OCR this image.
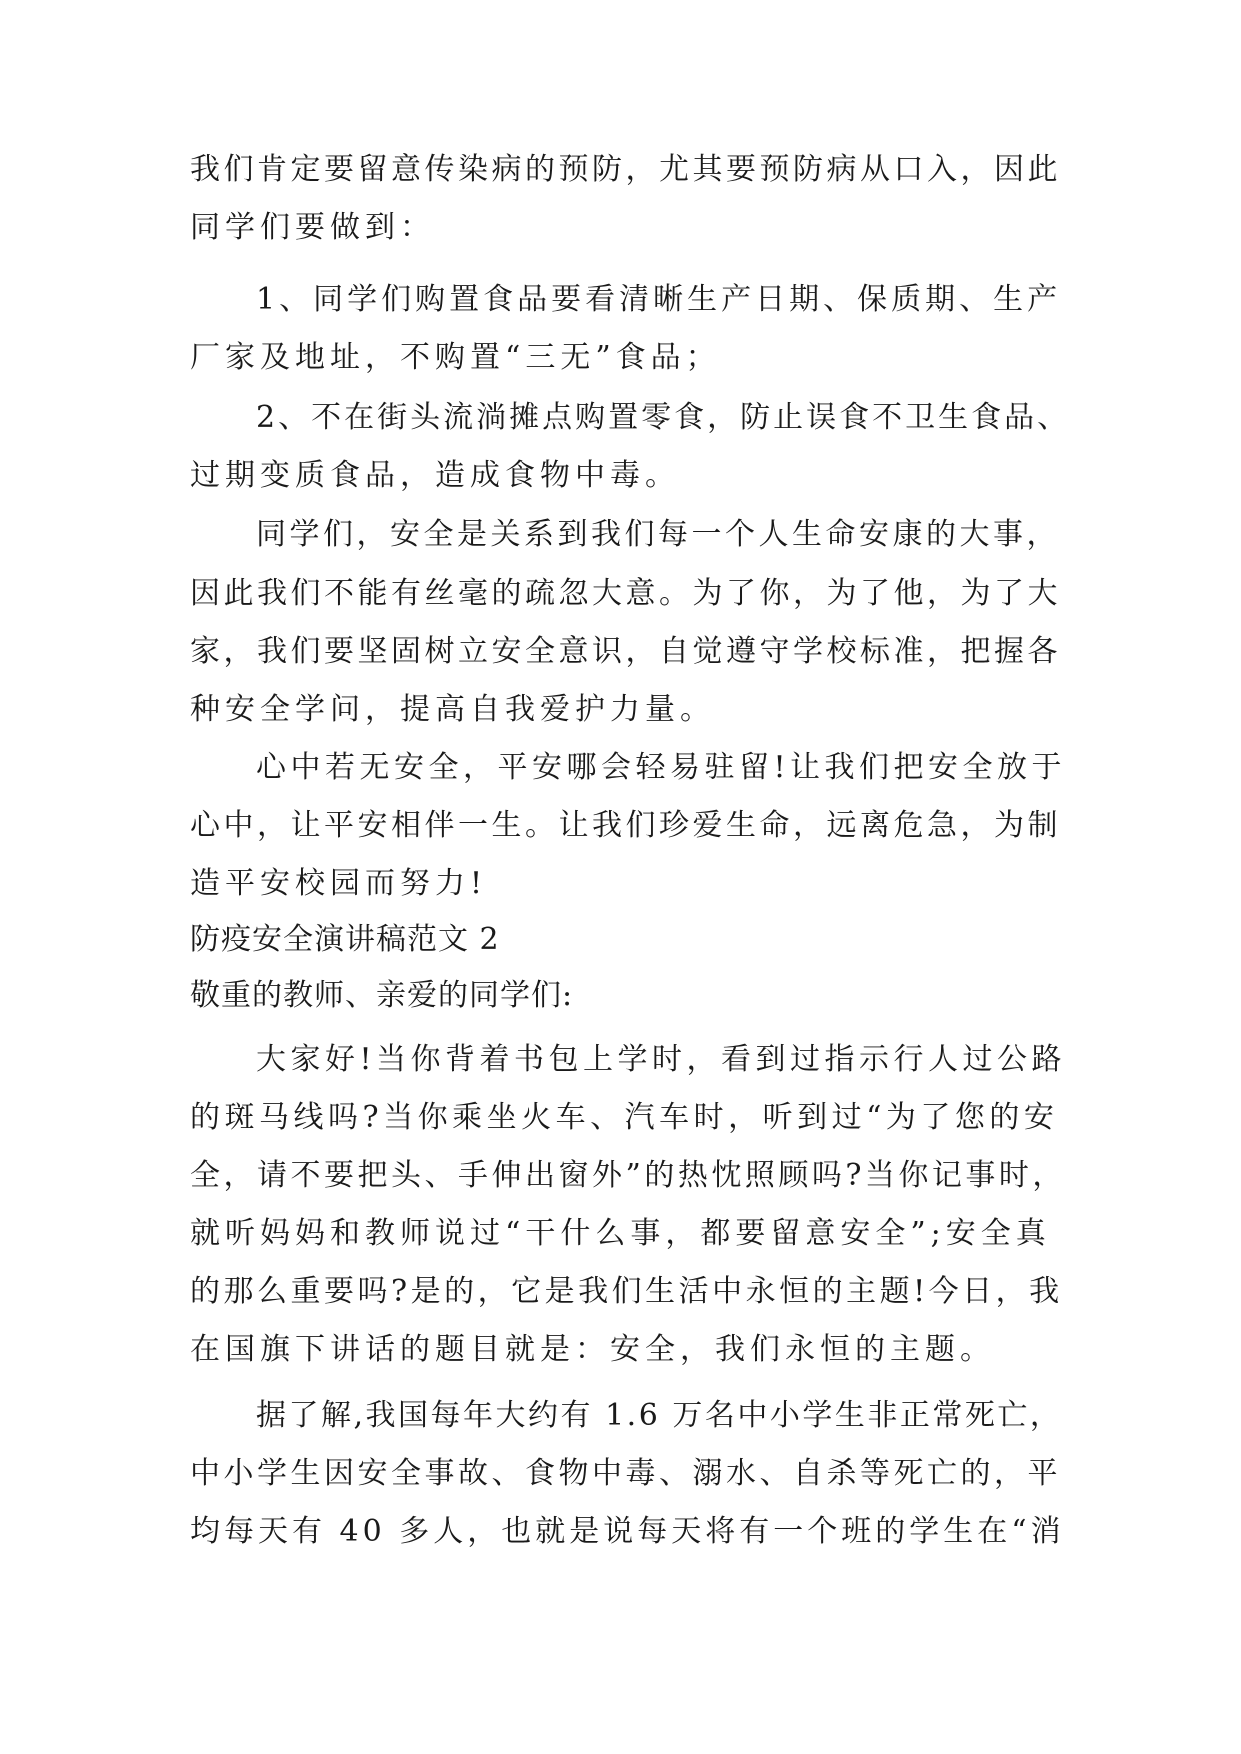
我们肯定要留意传染病的预防，尤其要预防病从口入，因此
同学们要做到：
1、同学们购置食品要看清晰生产日期、保质期、生产
厂家及地址，不购置“三无”食品；
2、不在街头流淌摊点购置零食，防止误食不卫生食品、
过期变质食品，造成食物中毒。
同学们，安全是关系到我们每一个人生命安康的大事，
因此我们不能有丝毫的疏忽大意。为了你，为了他，为了大
家，我们要坚固树立安全意识，自觉遵守学校标准，把握各
种安全学问，提高自我爱护力量。
心中若无安全，平安哪会轻易驻留!让我们把安全放于
心中，让平安相伴一生。让我们珍爱生命，远离危急，为制
造平安校园而努力!
防疫安全演讲稿范文 2
敬重的教师、亲爱的同学们:
大家好!当你背着书包上学时，看到过指示行人过公路
的斑马线吗?当你乘坐火车、汽车时，听到过“为了您的安
全，请不要把头、手伸出窗外”的热忱照顾吗?当你记事时，
就听妈妈和教师说过“干什么事，都要留意安全”;安全真
的那么重要吗?是的，它是我们生活中永恒的主题!今日，我
在国旗下讲话的题目就是：安全，我们永恒的主题。
据了解,我国每年大约有 1.6 万名中小学生非正常死亡，
中小学生因安全事故、食物中毒、溺水、自杀等死亡的，平
均每天有 40 多人，也就是说每天将有一个班的学生在“消
